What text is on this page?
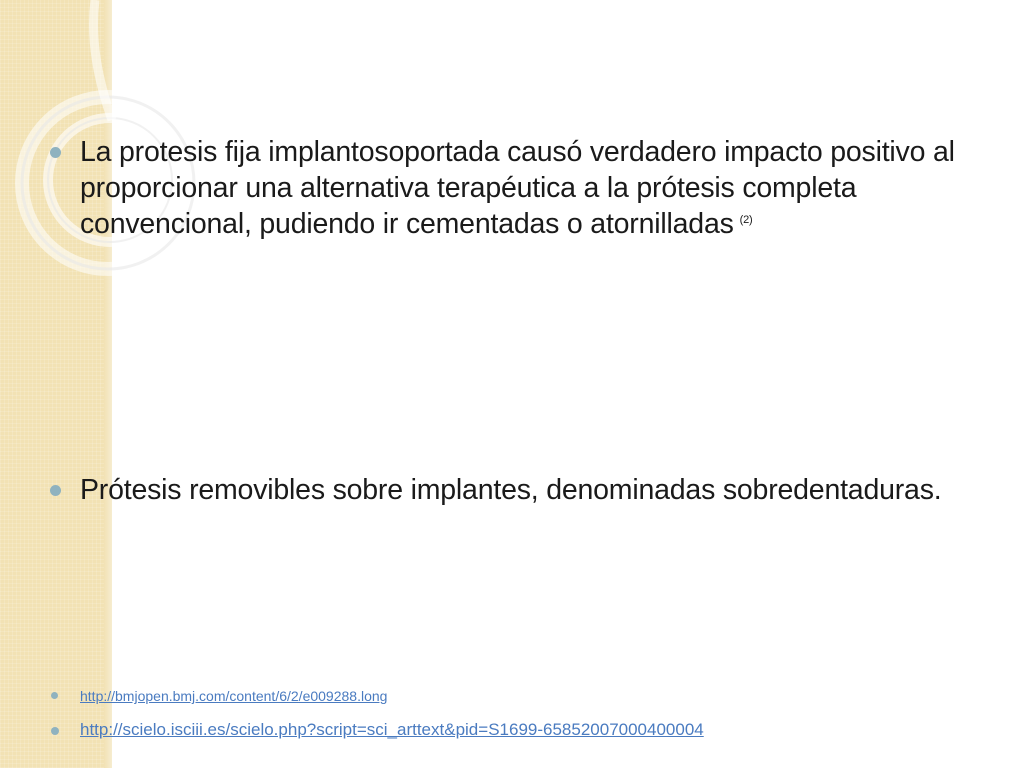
La protesis fija implantosoportada causó verdadero impacto positivo al proporcionar una alternativa terapéutica a la prótesis completa convencional, pudiendo ir cementadas o atornilladas $^{(2)}$
Prótesis removibles sobre implantes, denominadas sobredentaduras.
http://bmjopen.bmj.com/content/6/2/e009288.long
http://scielo.isciii.es/scielo.php?script=sci_arttext&pid=S1699-65852007000400004
